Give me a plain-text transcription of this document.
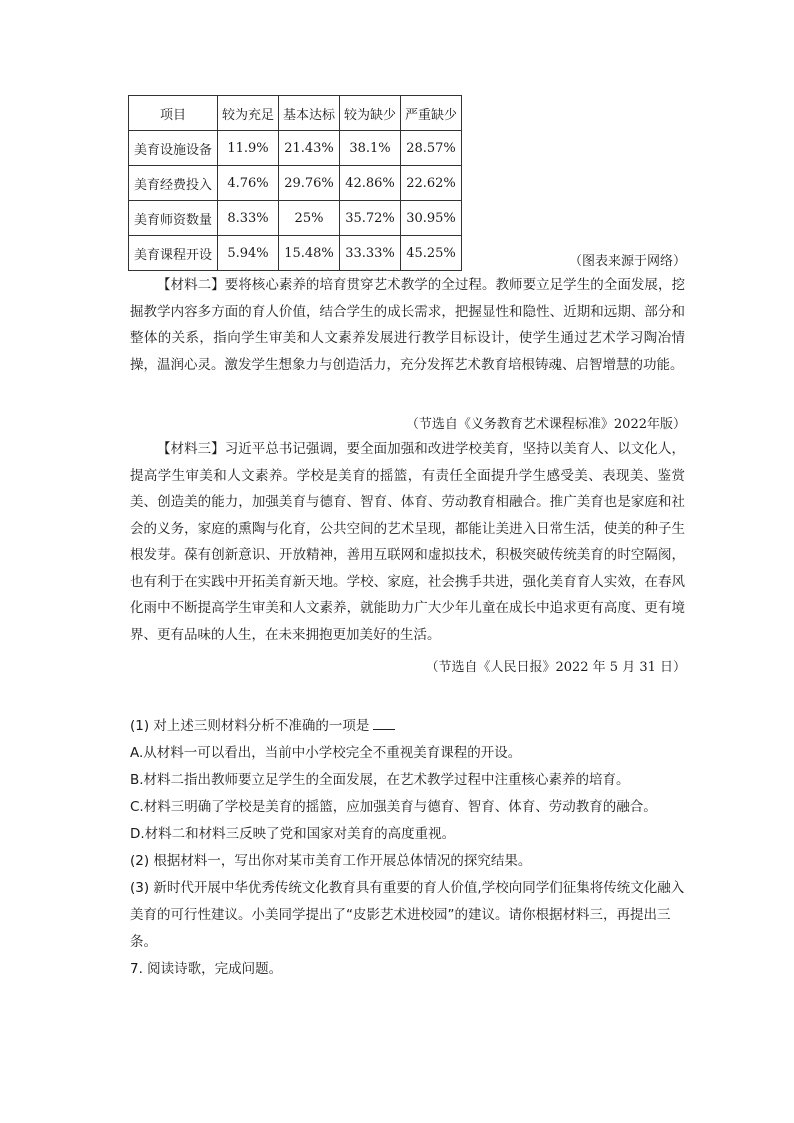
项目	较为充足	基本达标	较为缺少	严重缺少
美育设施设备	11.9%	21.43%	38.1%	28.57%
美育经费投入	4.76%	29.76%	42.86%	22.62%
美育师资数量	8.33%	25%	35.72%	30.95%
美育课程开设	5.94%	15.48%	33.33%	45.25%
（图表来源于网络）

【材料二】要将核心素养的培育贯穿艺术教学的全过程。教师要立足学生的全面发展，挖掘教学内容多方面的育人价值，结合学生的成长需求，把握显性和隐性、近期和远期、部分和整体的关系，指向学生审美和人文素养发展进行教学目标设计，使学生通过艺术学习陶冶情操，温润心灵。激发学生想象力与创造活力，充分发挥艺术教育培根铸魂、启智增慧的功能。

（节选自《义务教育艺术课程标准》2022年版）

【材料三】习近平总书记强调，要全面加强和改进学校美育，坚持以美育人、以文化人，提高学生审美和人文素养。学校是美育的摇篮，有责任全面提升学生感受美、表现美、鉴赏美、创造美的能力，加强美育与德育、智育、体育、劳动教育相融合。推广美育也是家庭和社会的义务，家庭的熏陶与化育，公共空间的艺术呈现，都能让美进入日常生活，使美的种子生根发芽。葆有创新意识、开放精神，善用互联网和虚拟技术，积极突破传统美育的时空隔阂，也有利于在实践中开拓美育新天地。学校、家庭，社会携手共进，强化美育育人实效，在春风化雨中不断提高学生审美和人文素养，就能助力广大少年儿童在成长中追求更有高度、更有境界、更有品味的人生，在未来拥抱更加美好的生活。

（节选自《人民日报》2022 年 5 月 31 日）
(1) 对上述三则材料分析不准确的一项是
A.从材料一可以看出，当前中小学校完全不重视美育课程的开设。
B.材料二指出教师要立足学生的全面发展，在艺术教学过程中注重核心素养的培育。
C.材料三明确了学校是美育的摇篮，应加强美育与德育、智育、体育、劳动教育的融合。
D.材料二和材料三反映了党和国家对美育的高度重视。
(2) 根据材料一，写出你对某市美育工作开展总体情况的探究结果。
(3) 新时代开展中华优秀传统文化教育具有重要的育人价值,学校向同学们征集将传统文化融入美育的可行性建议。小美同学提出了“皮影艺术进校园”的建议。请你根据材料三，再提出三条。
7. 阅读诗歌，完成问题。
